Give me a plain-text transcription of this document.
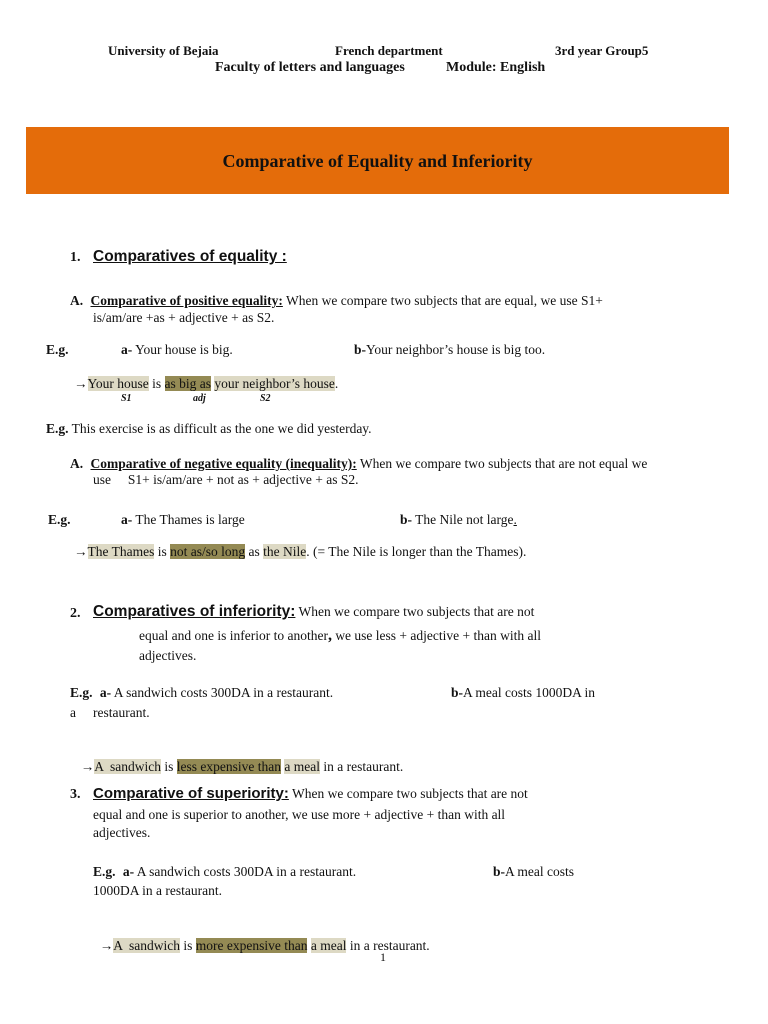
University of Bejaia	French department	3rd year Group5
Faculty of letters and languages	Module: English
Comparative of Equality and Inferiority
1. Comparatives of equality :
A. Comparative of positive equality: When we compare two subjects that are equal, we use S1+
is/am/are +as + adjective + as S2.
E.g.	a- Your house is big.	b-Your neighbor’s house is big too.
→Your house is as big as your neighbor’s house.
S1	adj	S2
E.g. This exercise is as difficult as the one we did yesterday.
A. Comparative of negative equality (inequality): When we compare two subjects that are not equal we
use     S1+ is/am/are + not as + adjective + as S2.
E.g.	a- The Thames is large	b- The Nile not large.
→The Thames is not as/so long as the Nile. (= The Nile is longer than the Thames).
2. Comparatives of inferiority: When we compare two subjects that are not
equal and one is inferior to another, we use less + adjective + than with all
adjectives.
E.g. a- A sandwich costs 300DA in a restaurant.	b-A meal costs 1000DA in
a restaurant.

→A  sandwich is less expensive than a meal in a restaurant.

3. Comparative of superiority: When we compare two subjects that are not
equal and one is superior to another, we use more + adjective + than with all
adjectives.
E.g. a- A sandwich costs 300DA in a restaurant.	b-A meal costs
1000DA in a restaurant.

→A  sandwich is more expensive than a meal in a restaurant.

1
